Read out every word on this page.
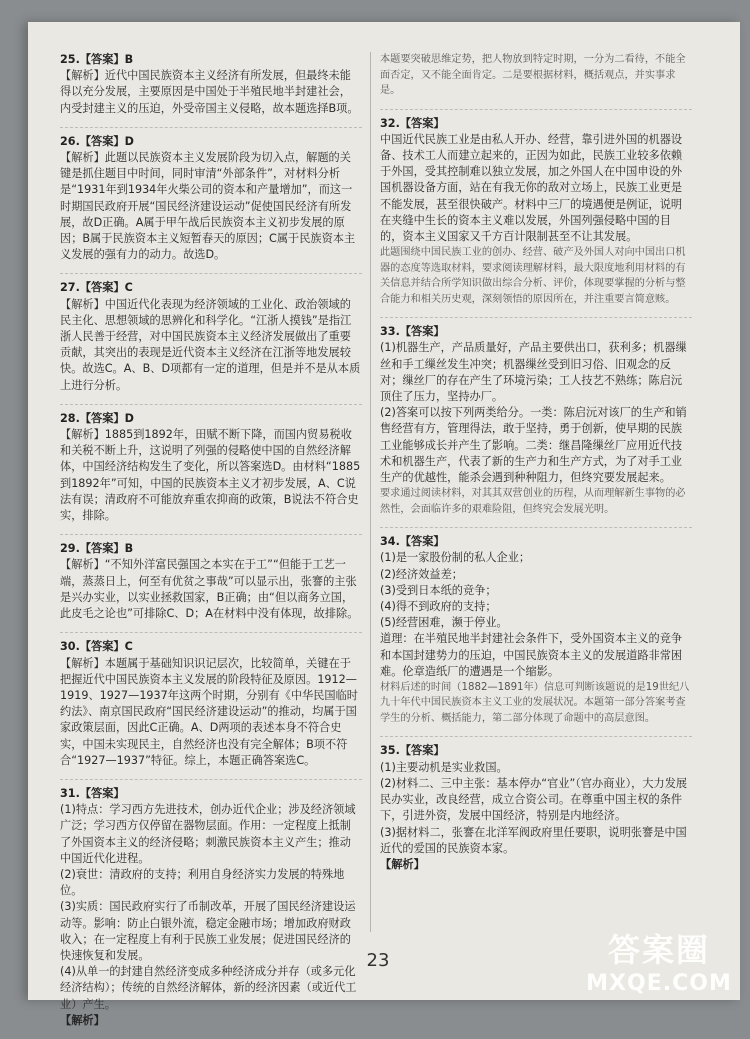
25.【答案】B
【解析】近代中国民族资本主义经济有所发展，但最终未能得以充分发展，主要原因是中国处于半殖民地半封建社会，内受封建主义的压迫，外受帝国主义侵略，故本题选择B项。
26.【答案】D
【解析】此题以民族资本主义发展阶段为切入点，解题的关键是抓住题目中时间，同时审清“外部条件”，对材料分析是“1931年到1934年火柴公司的资本和产量增加”，而这一时期国民政府开展“国民经济建设运动”促使国民经济有所发展，故D正确。A属于甲午战后民族资本主义初步发展的原因；B属于民族资本主义短暂春天的原因；C属于民族资本主义发展的强有力的动力。故选D。
27.【答案】C
【解析】中国近代化表现为经济领域的工业化、政治领域的民主化、思想领域的思辨化和科学化。“江浙人摸钱”是指江浙人民善于经营，对中国民族资本主义经济发展做出了重要贡献，其突出的表现是近代资本主义经济在江浙等地发展较快。故选C。A、B、D项都有一定的道理，但是并不是从本质上进行分析。
28.【答案】D
【解析】1885到1892年，田赋不断下降，而国内贸易税收和关税不断上升，这说明了列强的侵略使中国的自然经济解体，中国经济结构发生了变化，所以答案选D。由材料“1885到1892年”可知，中国的民族资本主义才初步发展，A、C说法有误；清政府不可能放弃重农抑商的政策，B说法不符合史实，排除。
29.【答案】B
【解析】“不知外洋富民强国之本实在于工”“但能于工艺一端，蒸蒸日上，何至有优贫之事哉”可以显示出，张謇的主张是兴办实业，以实业拯救国家，B正确；由“但以商务立国，此皮毛之论也”可排除C、D；A在材料中没有体现，故排除。
30.【答案】C
【解析】本题属于基础知识识记层次，比较简单，关键在于把握近代中国民族资本主义发展的阶段特征及原因。1912—1919、1927—1937年这两个时期，分别有《中华民国临时约法》、南京国民政府“国民经济建设运动”的推动，均属于国家政策层面，因此C正确。A、D两项的表述本身不符合史实，中国未实现民主，自然经济也没有完全解体；B项不符合“1927—1937”特征。综上，本题正确答案选C。
31.【答案】
(1)特点：学习西方先进技术，创办近代企业；涉及经济领域广泛；学习西方仅停留在器物层面。作用：一定程度上抵制了外国资本主义的经济侵略；刺激民族资本主义产生；推动中国近代化进程。
(2)衰世：清政府的支持；利用自身经济实力发展的特殊地位。
(3)实质：国民政府实行了币制改革，开展了国民经济建设运动等。影响：防止白银外流，稳定金融市场；增加政府财政收入；在一定程度上有利于民族工业发展；促进国民经济的快速恢复和发展。
(4)从单一的封建自然经济变成多种经济成分并存（或多元化经济结构）；传统的自然经济解体，新的经济因素（或近代工业）产生。
【解析】
本题要突破思维定势，把人物放到特定时期，一分为二看待，不能全面否定，又不能全面肯定。二是要根据材料，概括观点，并实事求是。
32.【答案】
中国近代民族工业是由私人开办、经营，靠引进外国的机器设备、技术工人而建立起来的，正因为如此，民族工业较多依赖于外国，受其控制难以独立发展，加之外国人在中国申设的外国机器设备方面，站在有我无你的敌对立场上，民族工业更是不能发展，甚至很快破产。材料中三厂的境遇便是例证，说明在夹缝中生长的资本主义难以发展，外国列强侵略中国的目的，资本主义国家又千方百计限制甚至不让其发展。
此题围绕中国民族工业的创办、经营、破产及外国人对向中国出口机器的态度等选取材料，要求阅读理解材料，最大限度地利用材料的有关信息并结合所学知识做出综合分析、评价，体现要掌握的分析与整合能力和相关历史观，深刻领悟的原因所在，并注重要言简意赅。
33.【答案】
(1)机器生产，产品质量好，产品主要供出口，获利多；机器缫丝和手工缫丝发生冲突；机器缫丝受到旧习俗、旧观念的反对；缫丝厂的存在产生了环境污染；工人技艺不熟练；陈启沅顶住了压力，坚持办厂。
(2)答案可以按下列两类给分。一类：陈启沅对该厂的生产和销售经营有方，管理得法，敢于坚持，勇于创新，使早期的民族工业能够成长并产生了影响。二类：继昌隆缫丝厂应用近代技术和机器生产，代表了新的生产力和生产方式，为了对手工业生产的优越性，能杀会遇到种种阻力，但终究要发展起来。
要求通过阅读材料，对其其双营创业的历程，从而理解新生事物的必然性，会面临许多的艰难险阻，但终究会发展光明。
34.【答案】
(1)是一家股份制的私人企业；
(2)经济效益差；
(3)受到日本纸的竞争；
(4)得不到政府的支持；
(5)经营困难，濒于停业。
道理：在半殖民地半封建社会条件下，受外国资本主义的竞争和本国封建势力的压迫，中国民族资本主义的发展道路非常困难。伦章造纸厂的遭遇是一个缩影。
材料后述的时间（1882—1891年）信息可判断该题说的是19世纪八九十年代中国民族资本主义工业的发展状况。本题第一部分答案考查学生的分析、概括能力，第二部分体现了命题中的高层意图。
35.【答案】
(1)主要动机是实业救国。
(2)材料二、三中主张：基本停办“官业”（官办商业），大力发展民办实业，改良经营，成立合资公司。在尊重中国主权的条件下，引进外资，发展中国经济，特别是内地经济。
(3)据材料二，张謇在北洋军阀政府里任要职，说明张謇是中国近代的爱国的民族资本家。
【解析】
23	答案圈
MXQE.COM
